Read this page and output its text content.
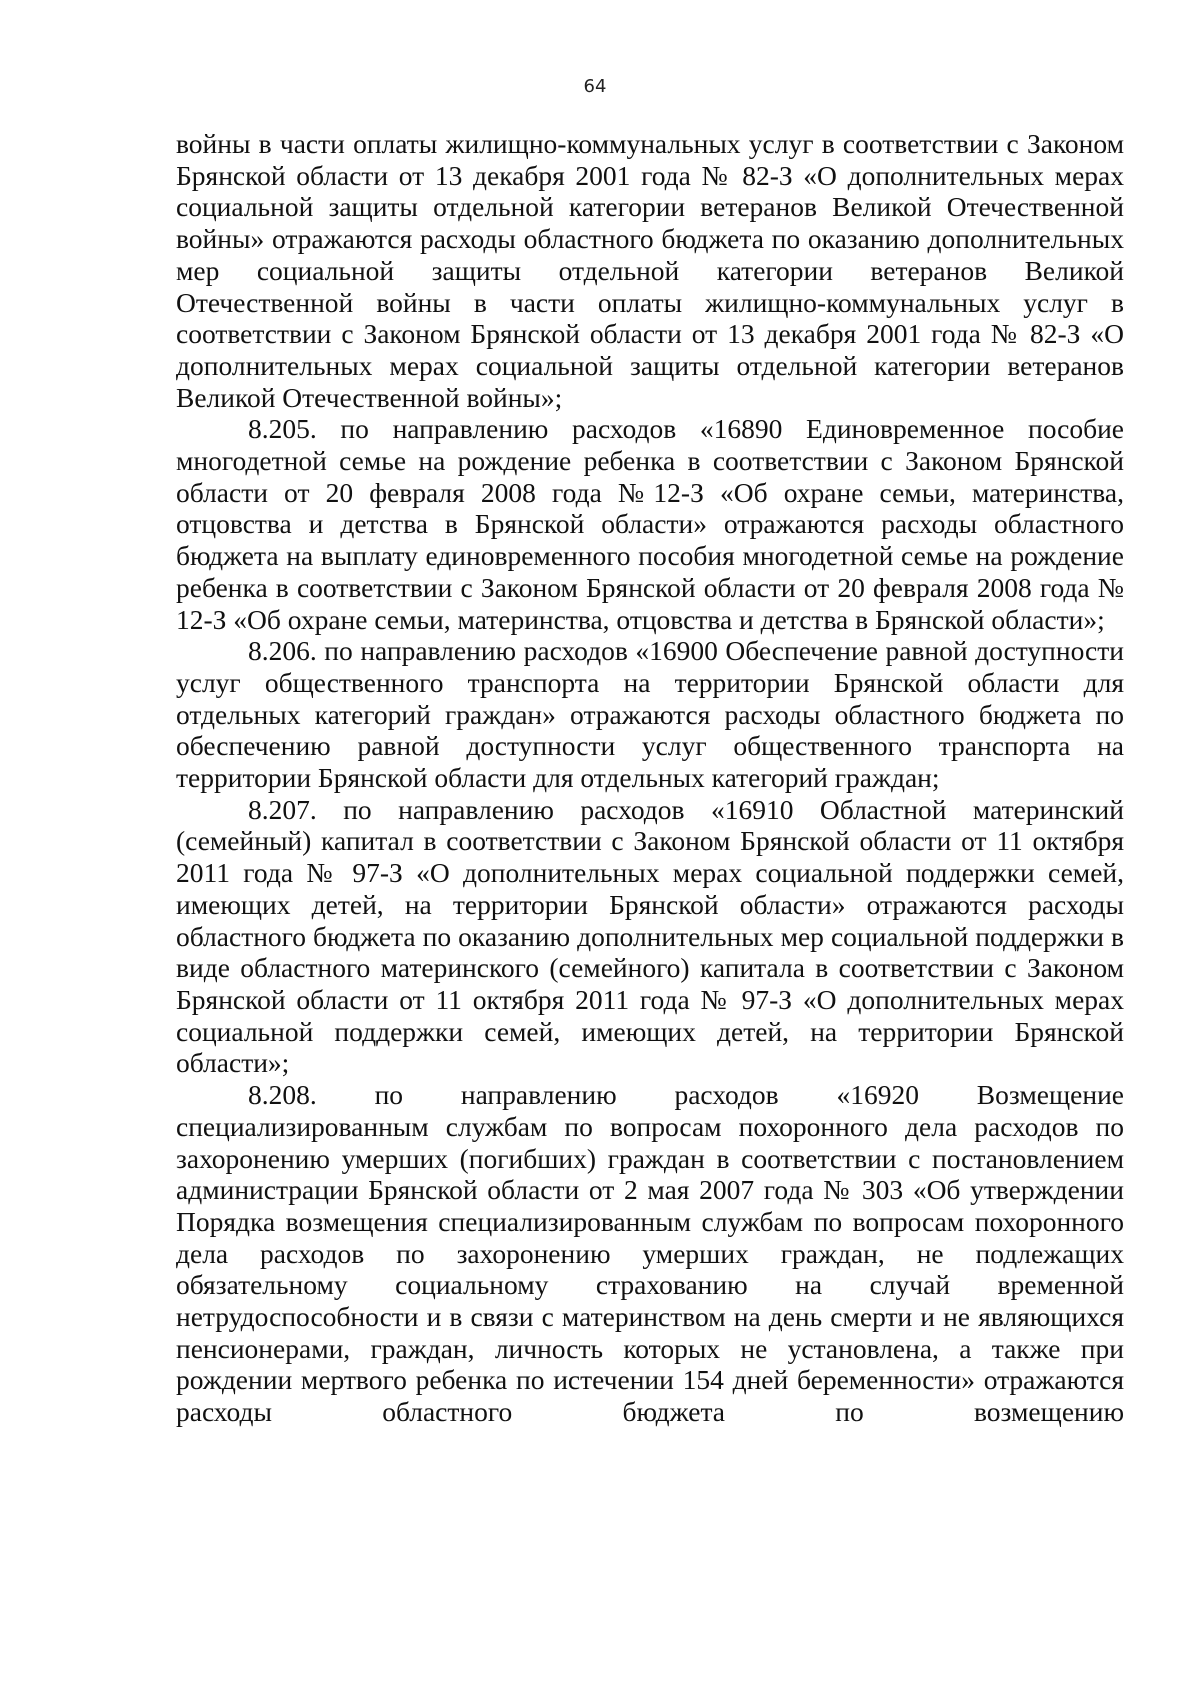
64

войны в части оплаты жилищно-коммунальных услуг в соответствии с Законом Брянской области от 13 декабря 2001 года № 82-З «О дополнительных мерах социальной защиты отдельной категории ветеранов Великой Отечественной войны» отражаются расходы областного бюджета по оказанию дополнительных мер социальной защиты отдельной категории ветеранов Великой Отечественной войны в части оплаты жилищно-коммунальных услуг в соответствии с Законом Брянской области от 13 декабря 2001 года № 82-З «О дополнительных мерах социальной защиты отдельной категории ветеранов Великой Отечественной войны»;

8.205. по направлению расходов «16890 Единовременное пособие многодетной семье на рождение ребенка в соответствии с Законом Брянской области от 20 февраля 2008 года №12-З «Об охране семьи, материнства, отцовства и детства в Брянской области» отражаются расходы областного бюджета на выплату единовременного пособия многодетной семье на рождение ребенка в соответствии с Законом Брянской области от 20 февраля 2008 года № 12-З «Об охране семьи, материнства, отцовства и детства в Брянской области»;

8.206. по направлению расходов «16900 Обеспечение равной доступности услуг общественного транспорта на территории Брянской области для отдельных категорий граждан» отражаются расходы областного бюджета по обеспечению равной доступности услуг общественного транспорта на территории Брянской области для отдельных категорий граждан;

8.207. по направлению расходов «16910 Областной материнский (семейный) капитал в соответствии с Законом Брянской области от 11 октября 2011 года № 97-З «О дополнительных мерах социальной поддержки семей, имеющих детей, на территории Брянской области» отражаются расходы областного бюджета по оказанию дополнительных мер социальной поддержки в виде областного материнского (семейного) капитала в соответствии с Законом Брянской области от 11 октября 2011 года № 97-З «О дополнительных мерах социальной поддержки семей, имеющих детей, на территории Брянской области»;

8.208. по направлению расходов «16920 Возмещение специализированным службам по вопросам похоронного дела расходов по захоронению умерших (погибших) граждан в соответствии с постановлением администрации Брянской области от 2 мая 2007 года № 303 «Об утверждении Порядка возмещения специализированным службам по вопросам похоронного дела расходов по захоронению умерших граждан, не подлежащих обязательному социальному страхованию на случай временной нетрудоспособности и в связи с материнством на день смерти и не являющихся пенсионерами, граждан, личность которых не установлена, а также при рождении мертвого ребенка по истечении 154 дней беременности» отражаются расходы областного бюджета по возмещению
